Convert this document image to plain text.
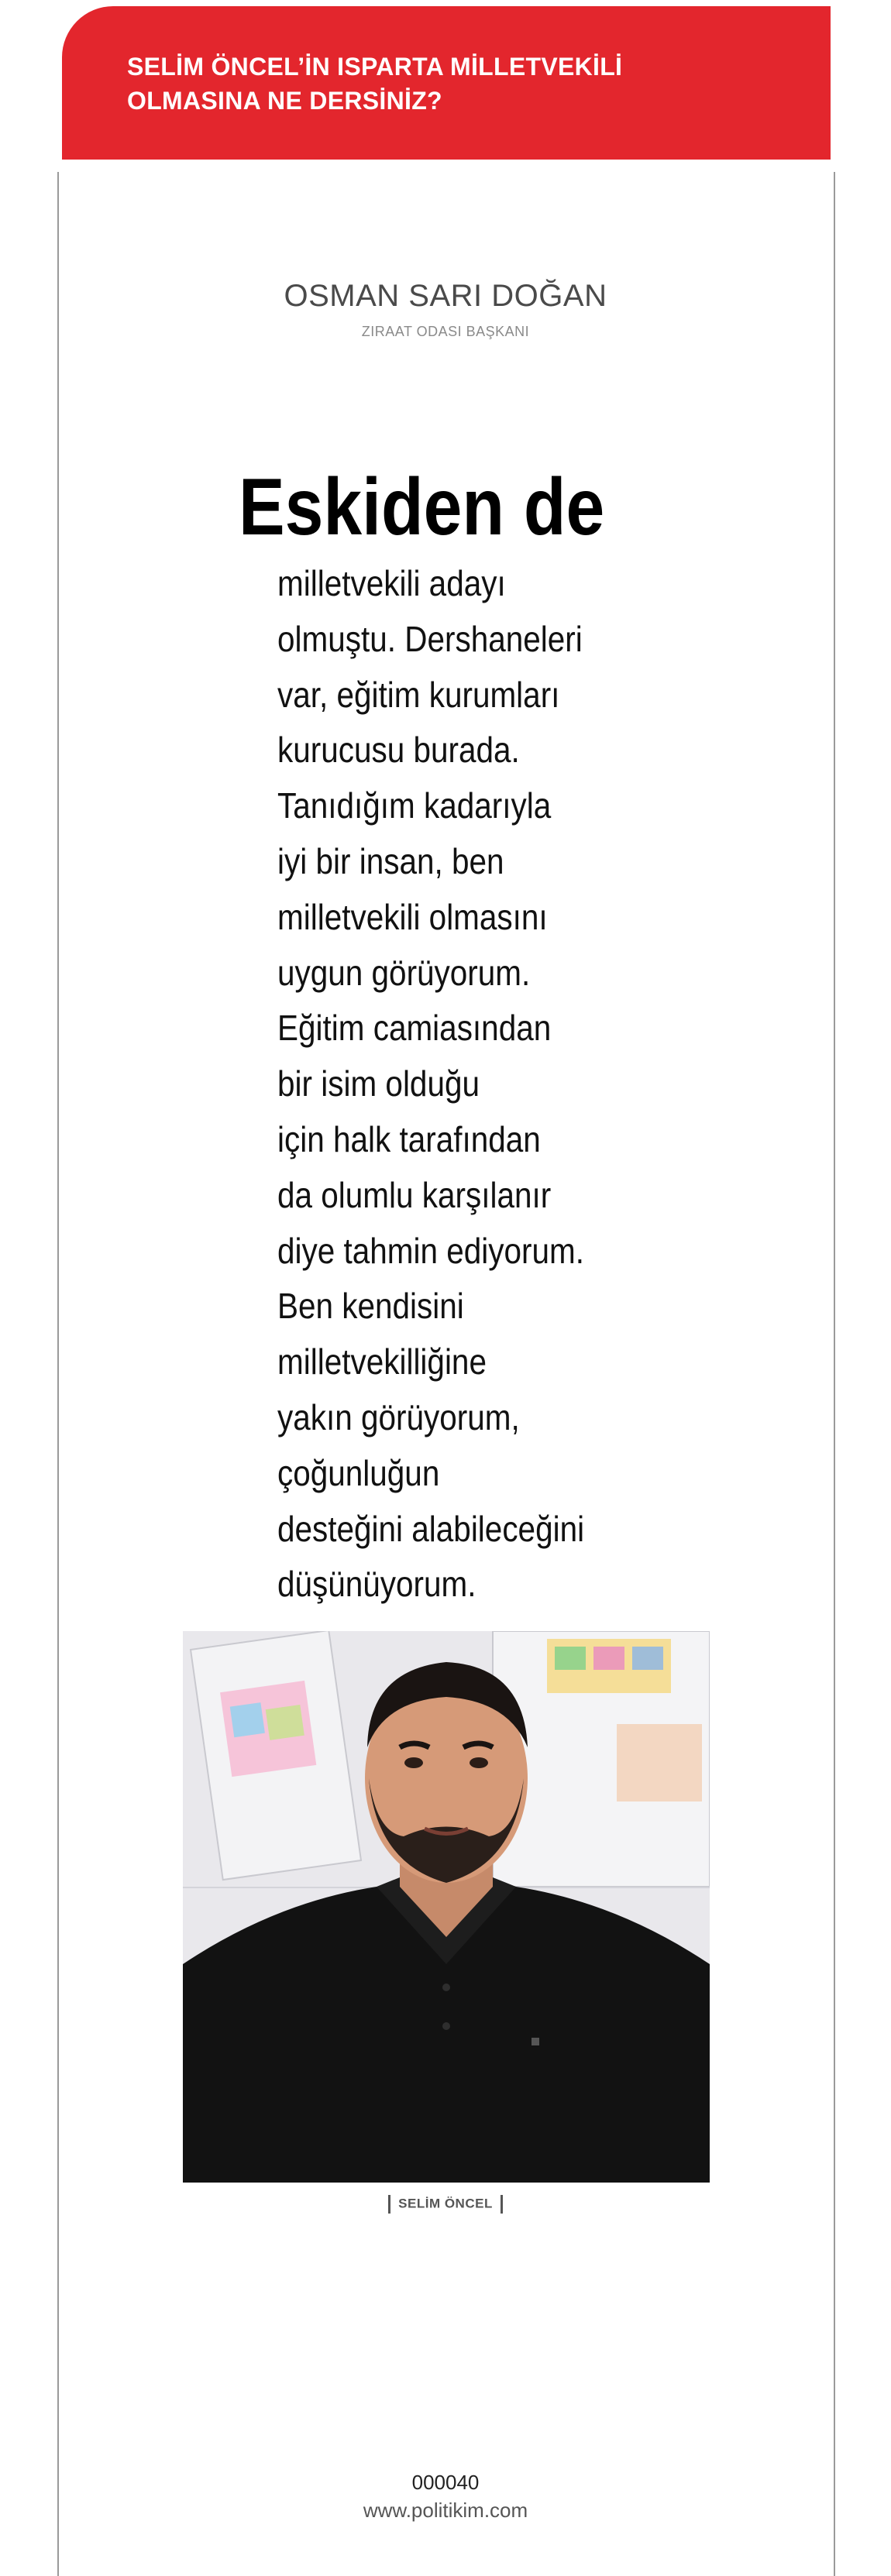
SELİM ÖNCEL’İN ISPARTA MİLLETVEKİLİ OLMASINA NE DERSİNİZ?
OSMAN SARI DOĞAN
ZIRAAT ODASI BAŞKANI
Eskiden de
milletvekili adayı
olmuştu. Dershaneleri
var, eğitim kurumları
kurucusu burada.
Tanıdığım kadarıyla
iyi bir insan, ben
milletvekili olmasını
uygun görüyorum.
Eğitim camiasından
bir isim olduğu
için halk tarafından
da olumlu karşılanır
diye tahmin ediyorum.
Ben kendisini
milletvekilliğine
yakın görüyorum,
çoğunluğun
desteğini alabileceğini
düşünüyorum.
SELİM ÖNCEL
000040
www.politikim.com
